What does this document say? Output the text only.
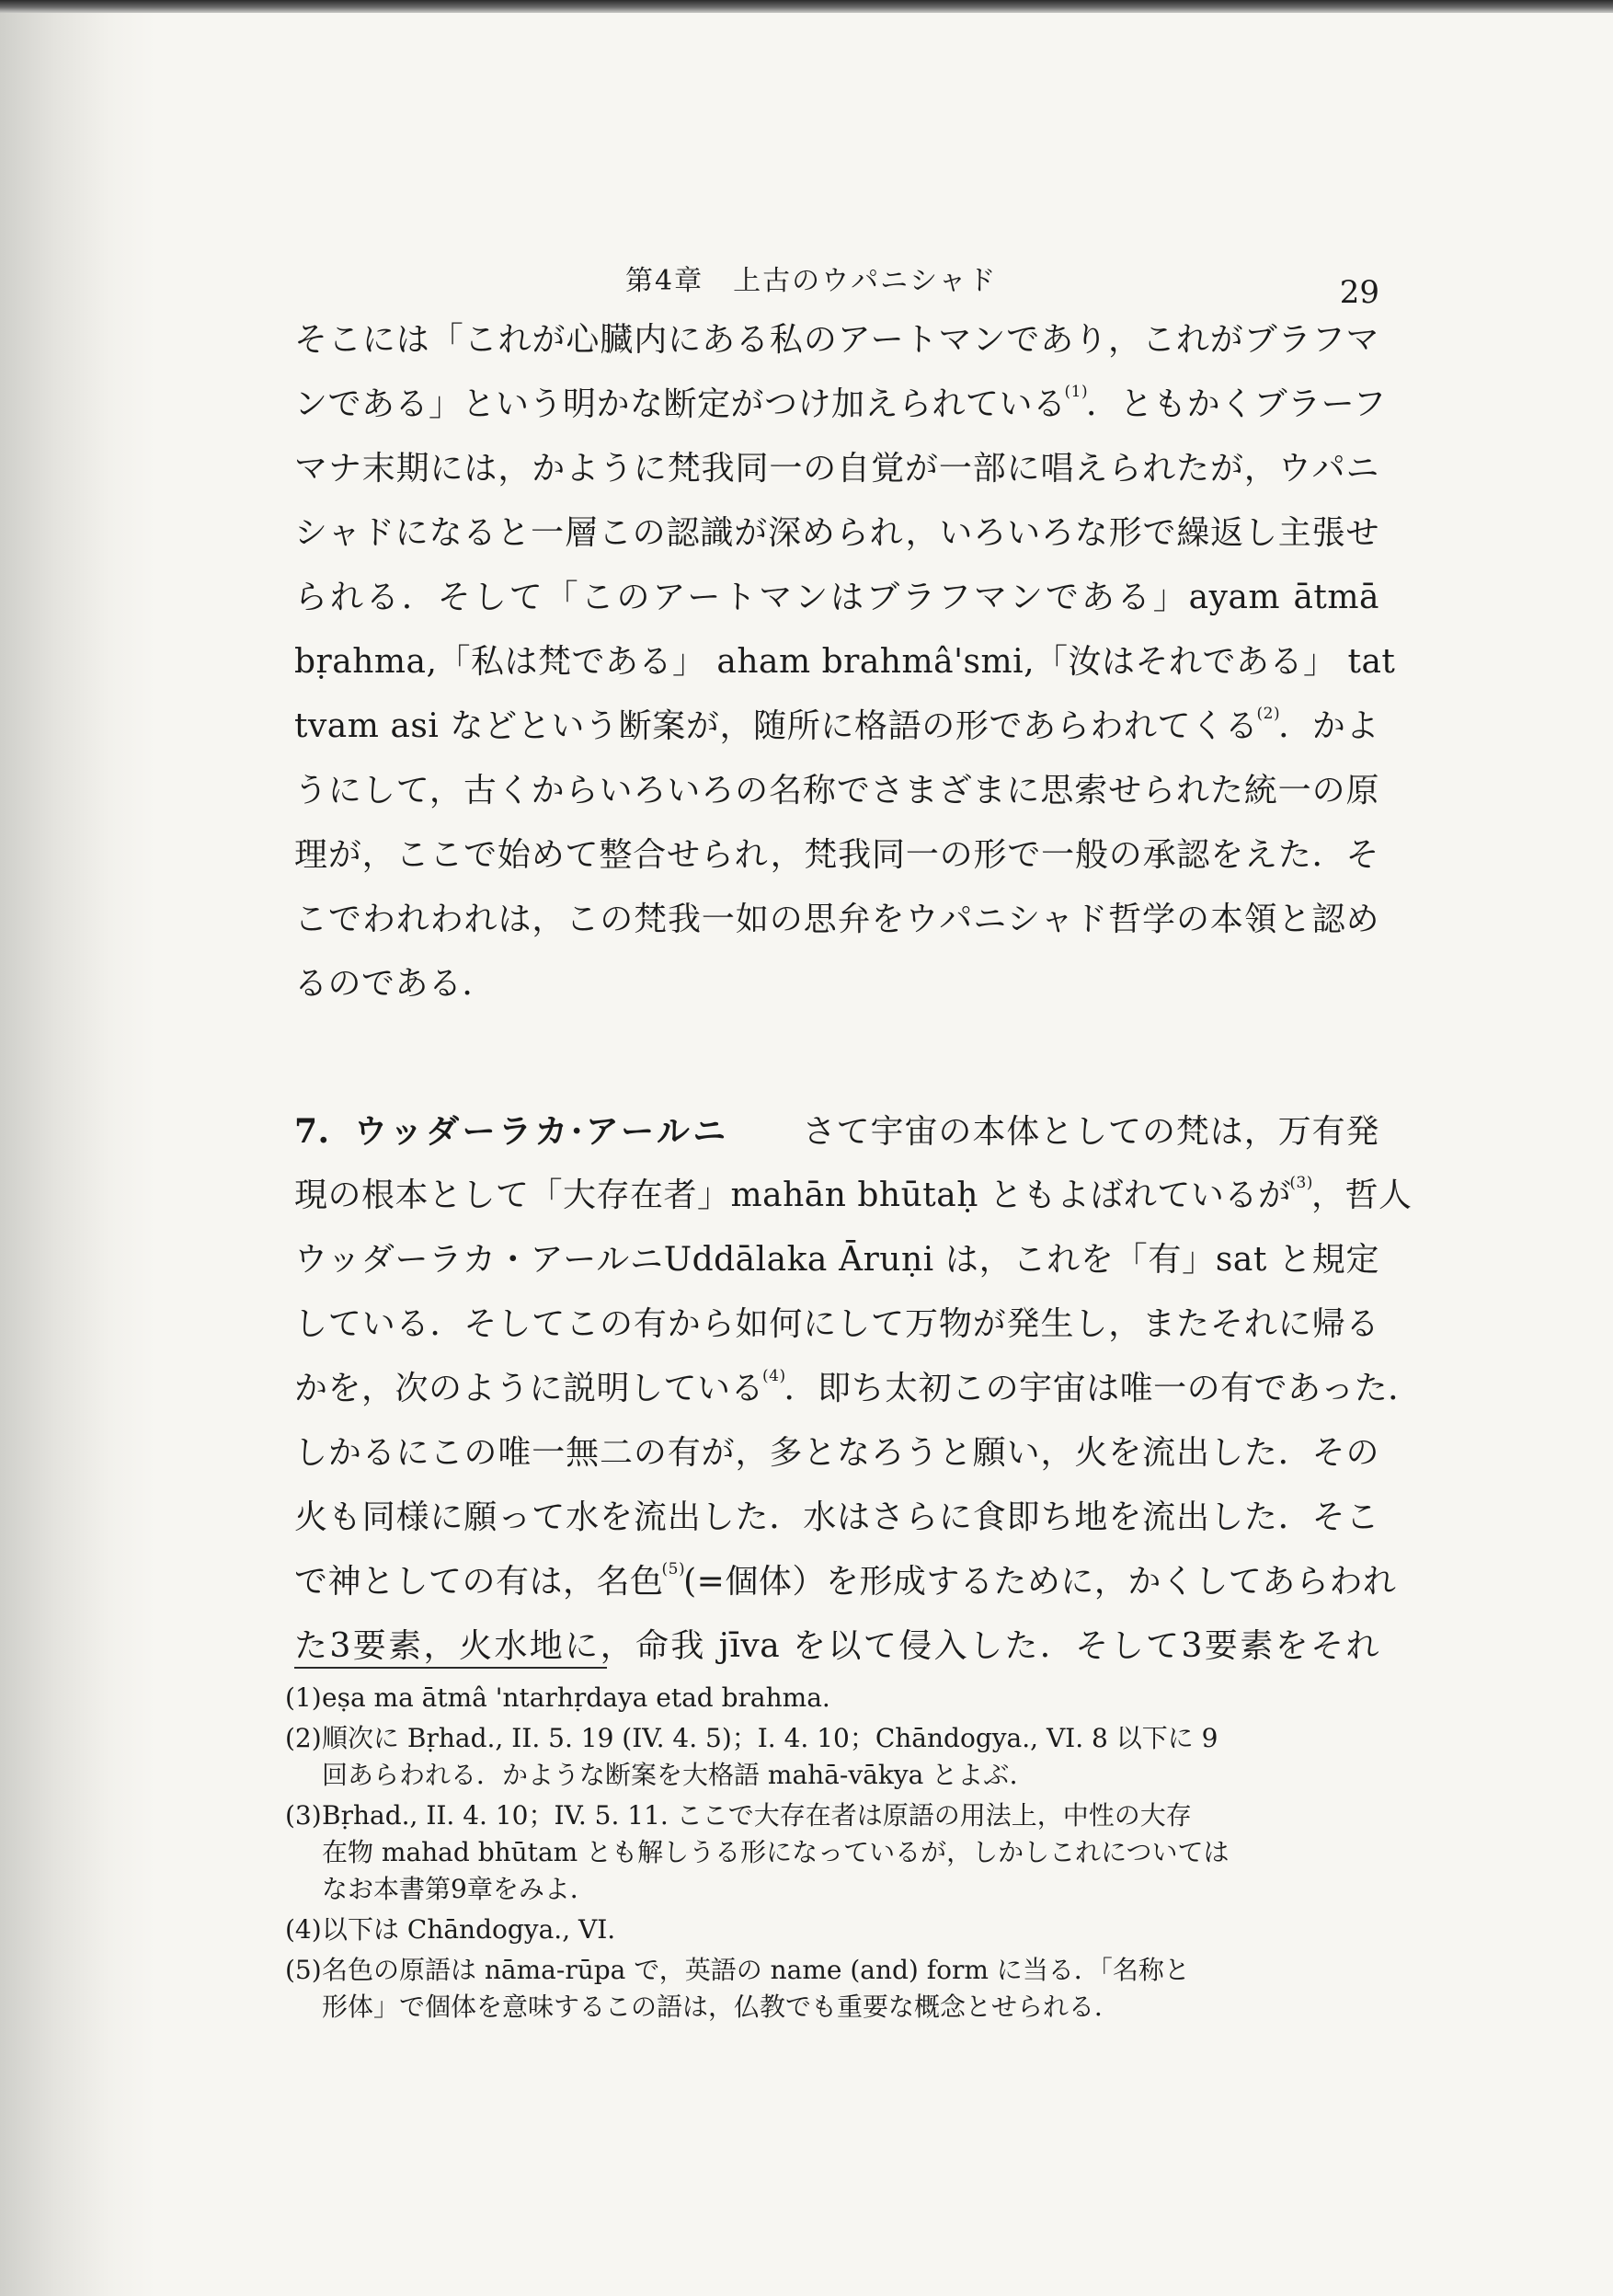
第4章　上古のウパニシャド	29
そこには「これが心臓内にある私のアートマンであり，これがブラフマ
ンである」という明かな断定がつけ加えられている$^{(1)}$．ともかくブラーフ
マナ末期には，かように梵我同一の自覚が一部に唱えられたが，ウパニ
シャドになると一層この認識が深められ，いろいろな形で繰返し主張せ
られる．そして「このアートマンはブラフマンである」ayam ātmā
bṛahma,「私は梵である」 aham brahmâ'smi,「汝はそれである」 tat
tvam asi などという断案が，随所に格語の形であらわれてくる$^{(2)}$．かよ
うにして，古くからいろいろの名称でさまざまに思索せられた統一の原
理が，ここで始めて整合せられ，梵我同一の形で一般の承認をえた．そ
こでわれわれは，この梵我一如の思弁をウパニシャド哲学の本領と認め
るのである．
7. ウッダーラカ·アールニ さて宇宙の本体としての梵は，万有発
現の根本として「大存在者」mahān bhūtaḥ ともよばれているが$^{(3)}$，哲人
ウッダーラカ・アールニUddālaka Āruṇi は，これを「有」sat と規定
している．そしてこの有から如何にして万物が発生し，またそれに帰る
かを，次のように説明している$^{(4)}$．即ち太初この宇宙は唯一の有であった．
しかるにこの唯一無二の有が，多となろうと願い，火を流出した．その
火も同様に願って水を流出した．水はさらに食即ち地を流出した．そこ
で神としての有は，名色$^{(5)}$(=個体）を形成するために，かくしてあらわれ
た3要素，火水地に，命我 jīva を以て侵入した．そして3要素をそれ
(1) eṣa ma ātmâ 'ntarhṛdaya etad brahma.
(2) 順次に Bṛhad., II. 5. 19 (IV. 4. 5)；I. 4. 10；Chāndogya., VI. 8 以下に 9
回あらわれる．かような断案を大格語 mahā-vākya とよぶ．
(3) Bṛhad., II. 4. 10；IV. 5. 11. ここで大存在者は原語の用法上，中性の大存
在物 mahad bhūtam とも解しうる形になっているが，しかしこれについては
なお本書第9章をみよ．
(4) 以下は Chāndogya., VI.
(5) 名色の原語は nāma-rūpa で，英語の name (and) form に当る．「名称と
形体」で個体を意味するこの語は，仏教でも重要な概念とせられる．
